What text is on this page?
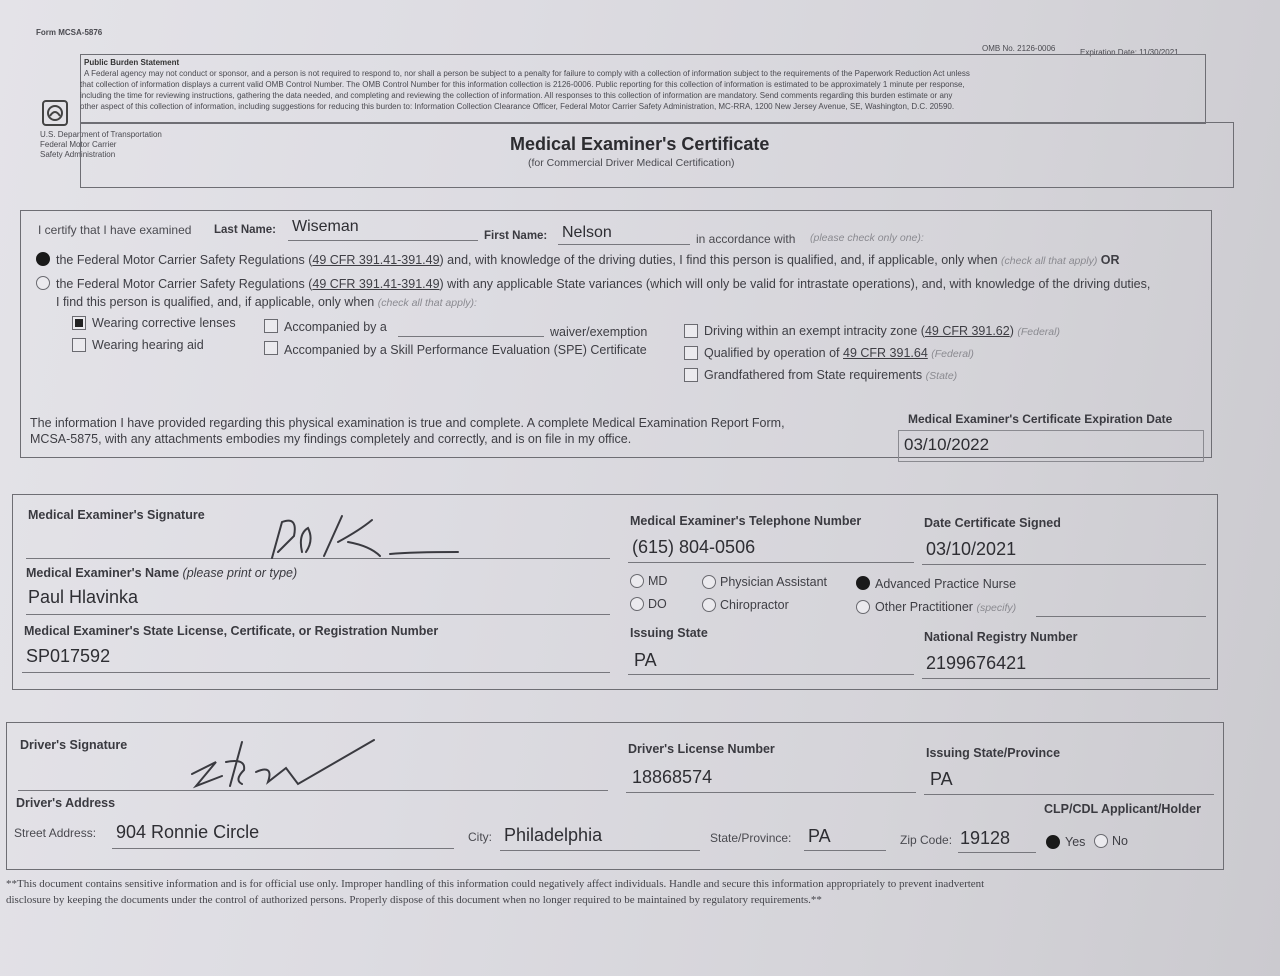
Form MCSA-5876
OMB No. 2126-0006	Expiration Date: 11/30/2021
Public Burden Statement
A Federal agency may not conduct or sponsor, and a person is not required to respond to, nor shall a person be subject to a penalty for failure to comply with a collection of information subject to the requirements of the Paperwork Reduction Act unless
that collection of information displays a current valid OMB Control Number. The OMB Control Number for this information collection is 2126-0006. Public reporting for this collection of information is estimated to be approximately 1 minute per response,
including the time for reviewing instructions, gathering the data needed, and completing and reviewing the collection of information. All responses to this collection of information are mandatory. Send comments regarding this burden estimate or any
other aspect of this collection of information, including suggestions for reducing this burden to: Information Collection Clearance Officer, Federal Motor Carrier Safety Administration, MC-RRA, 1200 New Jersey Avenue, SE, Washington, D.C. 20590.
U.S. Department of Transportation
Federal Motor Carrier
Safety Administration
Medical Examiner's Certificate
(for Commercial Driver Medical Certification)
I certify that I have examined Last Name: Wiseman
First Name: Nelson	in accordance with (please check only one):
the Federal Motor Carrier Safety Regulations (49 CFR 391.41-391.49) and, with knowledge of the driving duties, I find this person is qualified, and, if applicable, only when (check all that apply) OR
the Federal Motor Carrier Safety Regulations (49 CFR 391.41-391.49) with any applicable State variances (which will only be valid for intrastate operations), and, with knowledge of the driving duties,
I find this person is qualified, and, if applicable, only when (check all that apply):
Wearing corrective lenses
Wearing hearing aid
Accompanied by a	waiver/exemption
Accompanied by a Skill Performance Evaluation (SPE) Certificate
Driving within an exempt intracity zone (49 CFR 391.62) (Federal)
Qualified by operation of 49 CFR 391.64 (Federal)
Grandfathered from State requirements (State)
The information I have provided regarding this physical examination is true and complete. A complete Medical Examination Report Form,
MCSA-5875, with any attachments embodies my findings completely and correctly, and is on file in my office.
Medical Examiner's Certificate Expiration Date
03/10/2022
Medical Examiner's Signature	Medical Examiner's Telephone Number
(615) 804-0506
Date Certificate Signed
03/10/2021
Medical Examiner's Name (please print or type)
Paul Hlavinka
MD
DO
Physician Assistant
Chiropractor
Advanced Practice Nurse
Other Practitioner (specify)
Medical Examiner's State License, Certificate, or Registration Number
SP017592
Issuing State
PA
National Registry Number
2199676421
Driver's Signature	Driver's License Number
18868574
Issuing State/Province
PA
Driver's Address	CLP/CDL Applicant/Holder
Street Address: 904 Ronnie Circle	City: Philadelphia	State/Province: PA	Zip Code: 19128	Yes No
**This document contains sensitive information and is for official use only. Improper handling of this information could negatively affect individuals. Handle and secure this information appropriately to prevent inadvertent
disclosure by keeping the documents under the control of authorized persons. Properly dispose of this document when no longer required to be maintained by regulatory requirements.**
